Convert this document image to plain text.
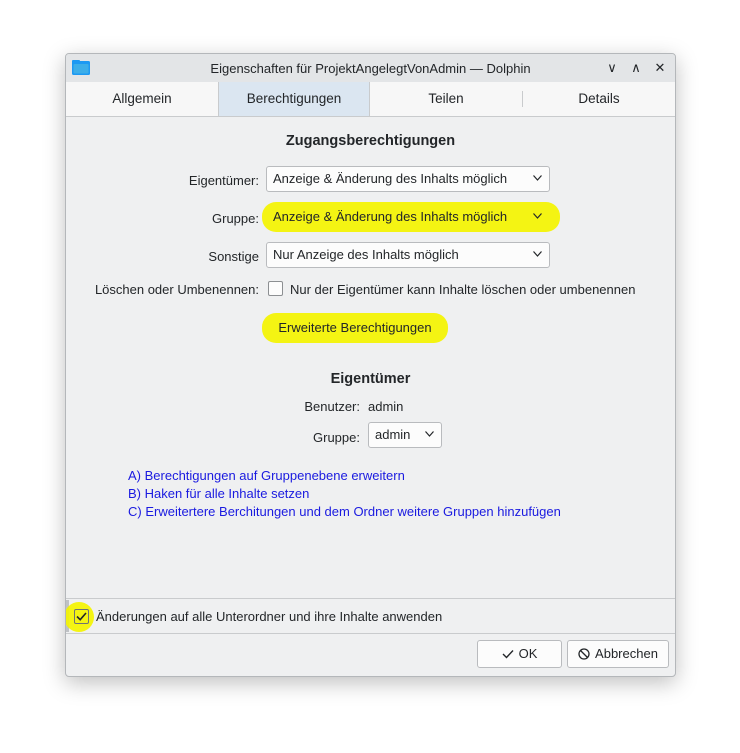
Eigenschaften für ProjektAngelegtVonAdmin — Dolphin	∨	∧	✕
Allgemein	Berechtigungen	Teilen	Details
Zugangsberechtigungen
Eigentümer:	Anzeige & Änderung des Inhalts möglich
Gruppe:	Anzeige & Änderung des Inhalts möglich
Sonstige	Nur Anzeige des Inhalts möglich
Löschen oder Umbenennen: Nur der Eigentümer kann Inhalte löschen oder umbenennen
Erweiterte Berechtigungen
Eigentümer
Benutzer: admin
Gruppe:	admin
A) Berechtigungen auf Gruppenebene erweitern
B) Haken für alle Inhalte setzen
C) Erweitertere Berchitungen und dem Ordner weitere Gruppen hinzufügen
Änderungen auf alle Unterordner und ihre Inhalte anwenden
OK	Abbrechen
